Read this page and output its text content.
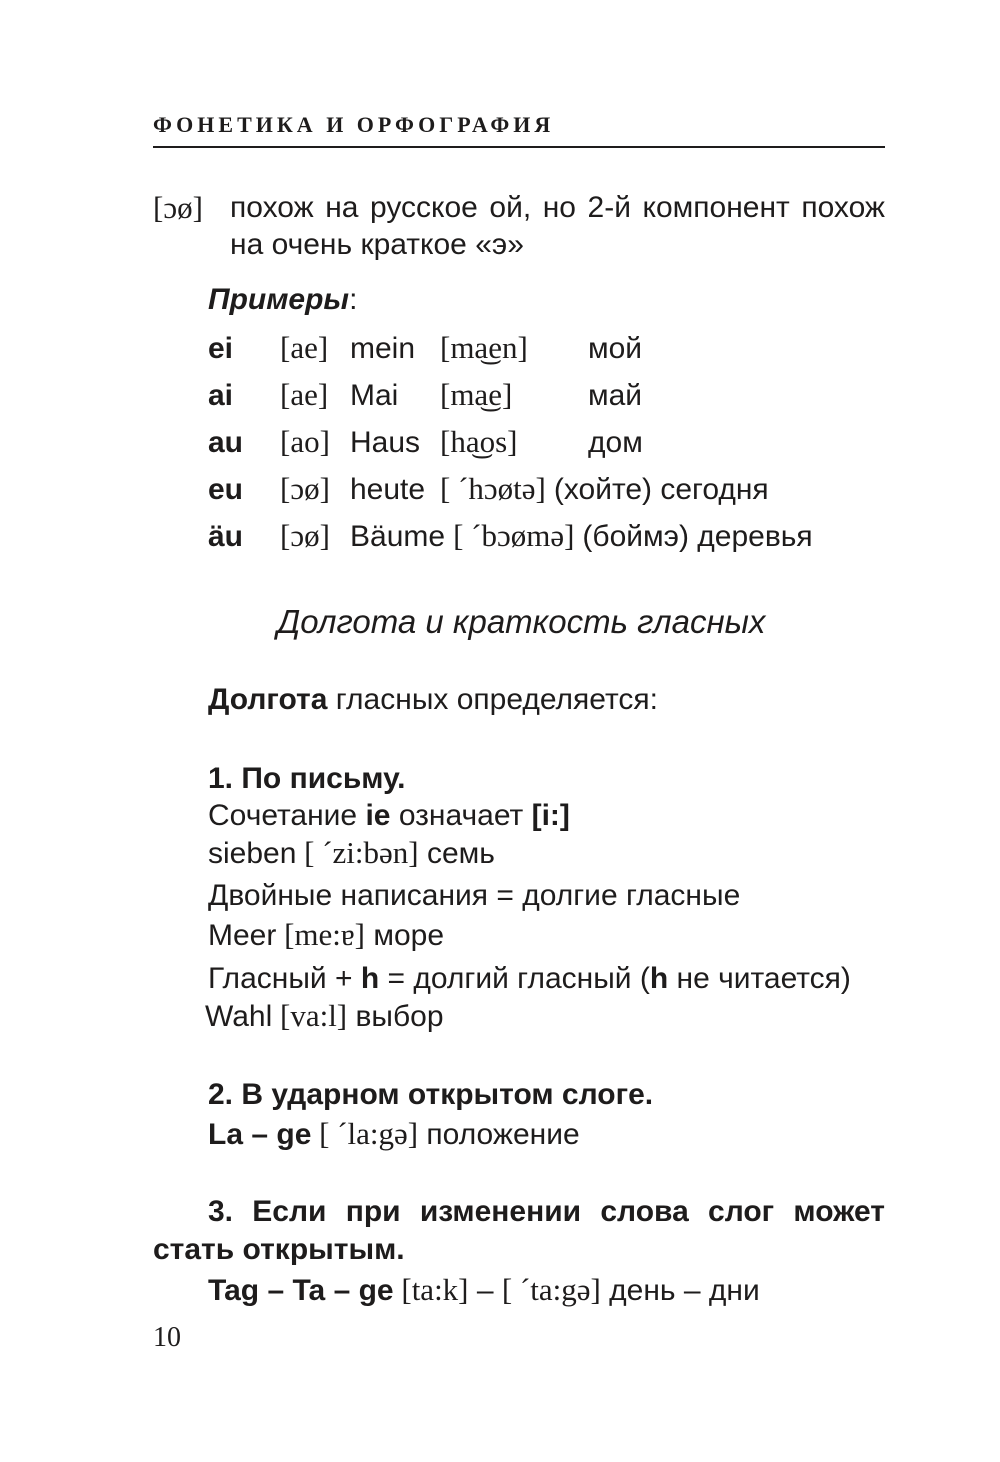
ФОНЕТИКА И ОРФОГРАФИЯ
[ɔø] похож на русское ой, но 2-й компонент похож
на очень краткое «э»
Примеры:
ei	[ae] mein [ma͜en]	мой
ai	[ae] Mai	[ma͜e]	май
au	[ao] Haus [ha͜os]	дом
eu	[ɔø] heute [ ´hɔøtə] (хойте) сегодня
äu	[ɔø] Bäume [ ´bɔømə] (боймэ) деревья
Долгота и краткость гласных
Долгота гласных определяется:
1. По письму.
Сочетание ie означает [i:]
sieben [ ´zi:bən] семь
Двойные написания = долгие гласные
Meer [me:ɐ] море
Гласный + h = долгий гласный (h не читается)
Wahl [va:l] выбор
2. В ударном открытом слоге.
La – ge [ ´la:gə] положение
3. Если при изменении слова слог может
стать открытым.
Tag – Ta – ge [ta:k] – [ ´ta:gə] день – дни
10
